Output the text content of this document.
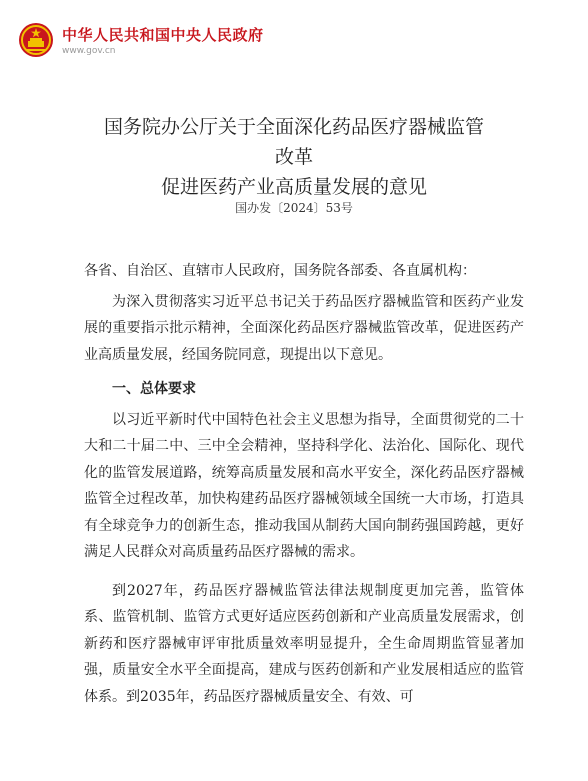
中华人民共和国中央人民政府
www.gov.cn
国务院办公厅关于全面深化药品医疗器械监管
改革
促进医药产业高质量发展的意见
国办发〔2024〕53号

各省、自治区、直辖市人民政府，国务院各部委、各直属机构：

为深入贯彻落实习近平总书记关于药品医疗器械监管和医药产业发展的重要指示批示精神，全面深化药品医疗器械监管改革，促进医药产业高质量发展，经国务院同意，现提出以下意见。

一、总体要求

以习近平新时代中国特色社会主义思想为指导，全面贯彻党的二十大和二十届二中、三中全会精神，坚持科学化、法治化、国际化、现代化的监管发展道路，统筹高质量发展和高水平安全，深化药品医疗器械监管全过程改革，加快构建药品医疗器械领域全国统一大市场，打造具有全球竞争力的创新生态，推动我国从制药大国向制药强国跨越，更好满足人民群众对高质量药品医疗器械的需求。

到2027年，药品医疗器械监管法律法规制度更加完善，监管体系、监管机制、监管方式更好适应医药创新和产业高质量发展需求，创新药和医疗器械审评审批质量效率明显提升，全生命周期监管显著加强，质量安全水平全面提高，建成与医药创新和产业发展相适应的监管体系。到2035年，药品医疗器械质量安全、有效、可
